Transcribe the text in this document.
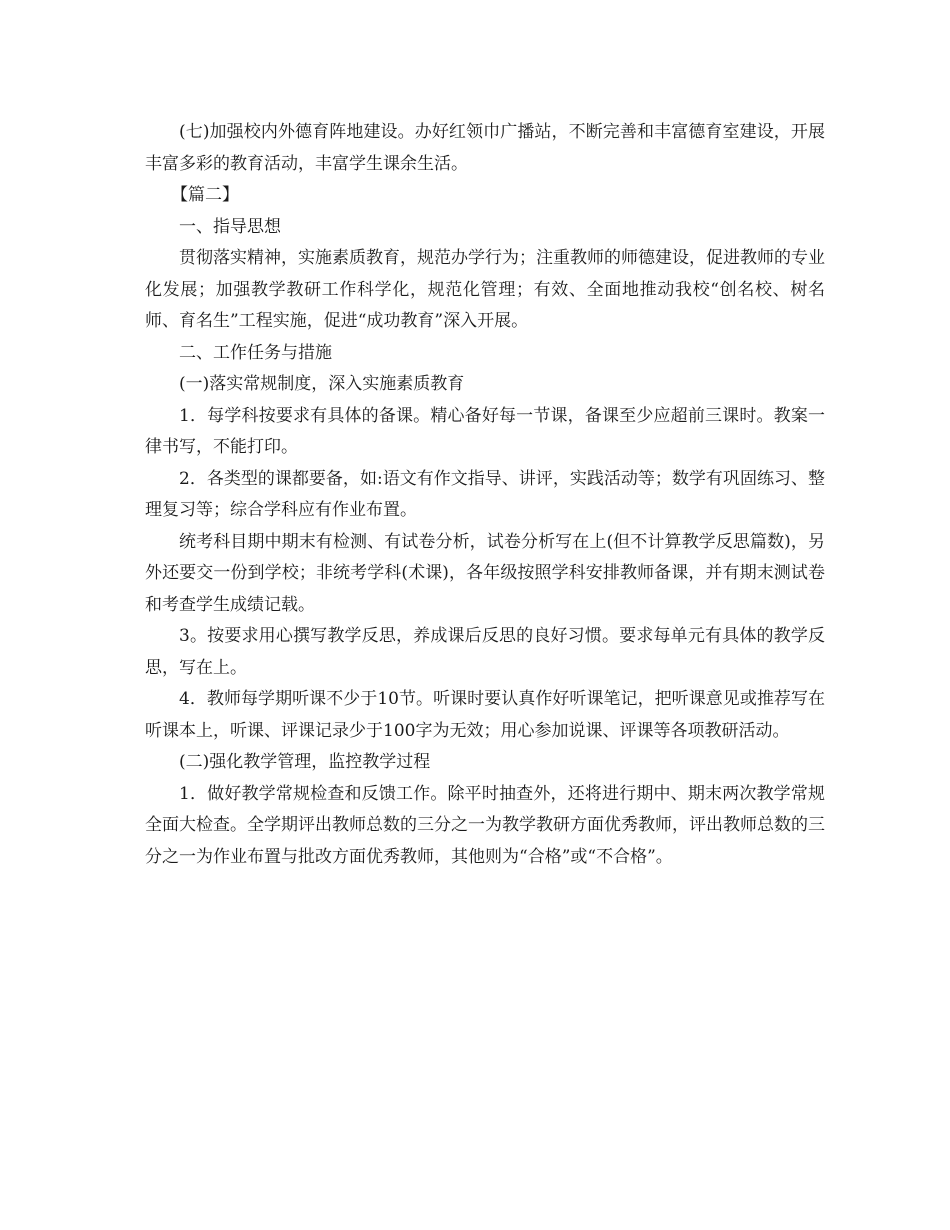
(七)加强校内外德育阵地建设。办好红领巾广播站，不断完善和丰富德育室建设，开展丰富多彩的教育活动，丰富学生课余生活。

【篇二】

一、指导思想

贯彻落实精神，实施素质教育，规范办学行为；注重教师的师德建设，促进教师的专业化发展；加强教学教研工作科学化，规范化管理；有效、全面地推动我校“创名校、树名师、育名生”工程实施，促进“成功教育”深入开展。

二、工作任务与措施

(一)落实常规制度，深入实施素质教育

1．每学科按要求有具体的备课。精心备好每一节课，备课至少应超前三课时。教案一律书写，不能打印。

2．各类型的课都要备，如:语文有作文指导、讲评，实践活动等；数学有巩固练习、整理复习等；综合学科应有作业布置。

统考科目期中期末有检测、有试卷分析，试卷分析写在上(但不计算教学反思篇数)，另外还要交一份到学校；非统考学科(术课)，各年级按照学科安排教师备课，并有期末测试卷和考查学生成绩记载。

3。按要求用心撰写教学反思，养成课后反思的良好习惯。要求每单元有具体的教学反思，写在上。

4．教师每学期听课不少于10节。听课时要认真作好听课笔记，把听课意见或推荐写在听课本上，听课、评课记录少于100字为无效；用心参加说课、评课等各项教研活动。

(二)强化教学管理，监控教学过程

1．做好教学常规检查和反馈工作。除平时抽查外，还将进行期中、期末两次教学常规全面大检查。全学期评出教师总数的三分之一为教学教研方面优秀教师，评出教师总数的三分之一为作业布置与批改方面优秀教师，其他则为“合格”或“不合格”。
